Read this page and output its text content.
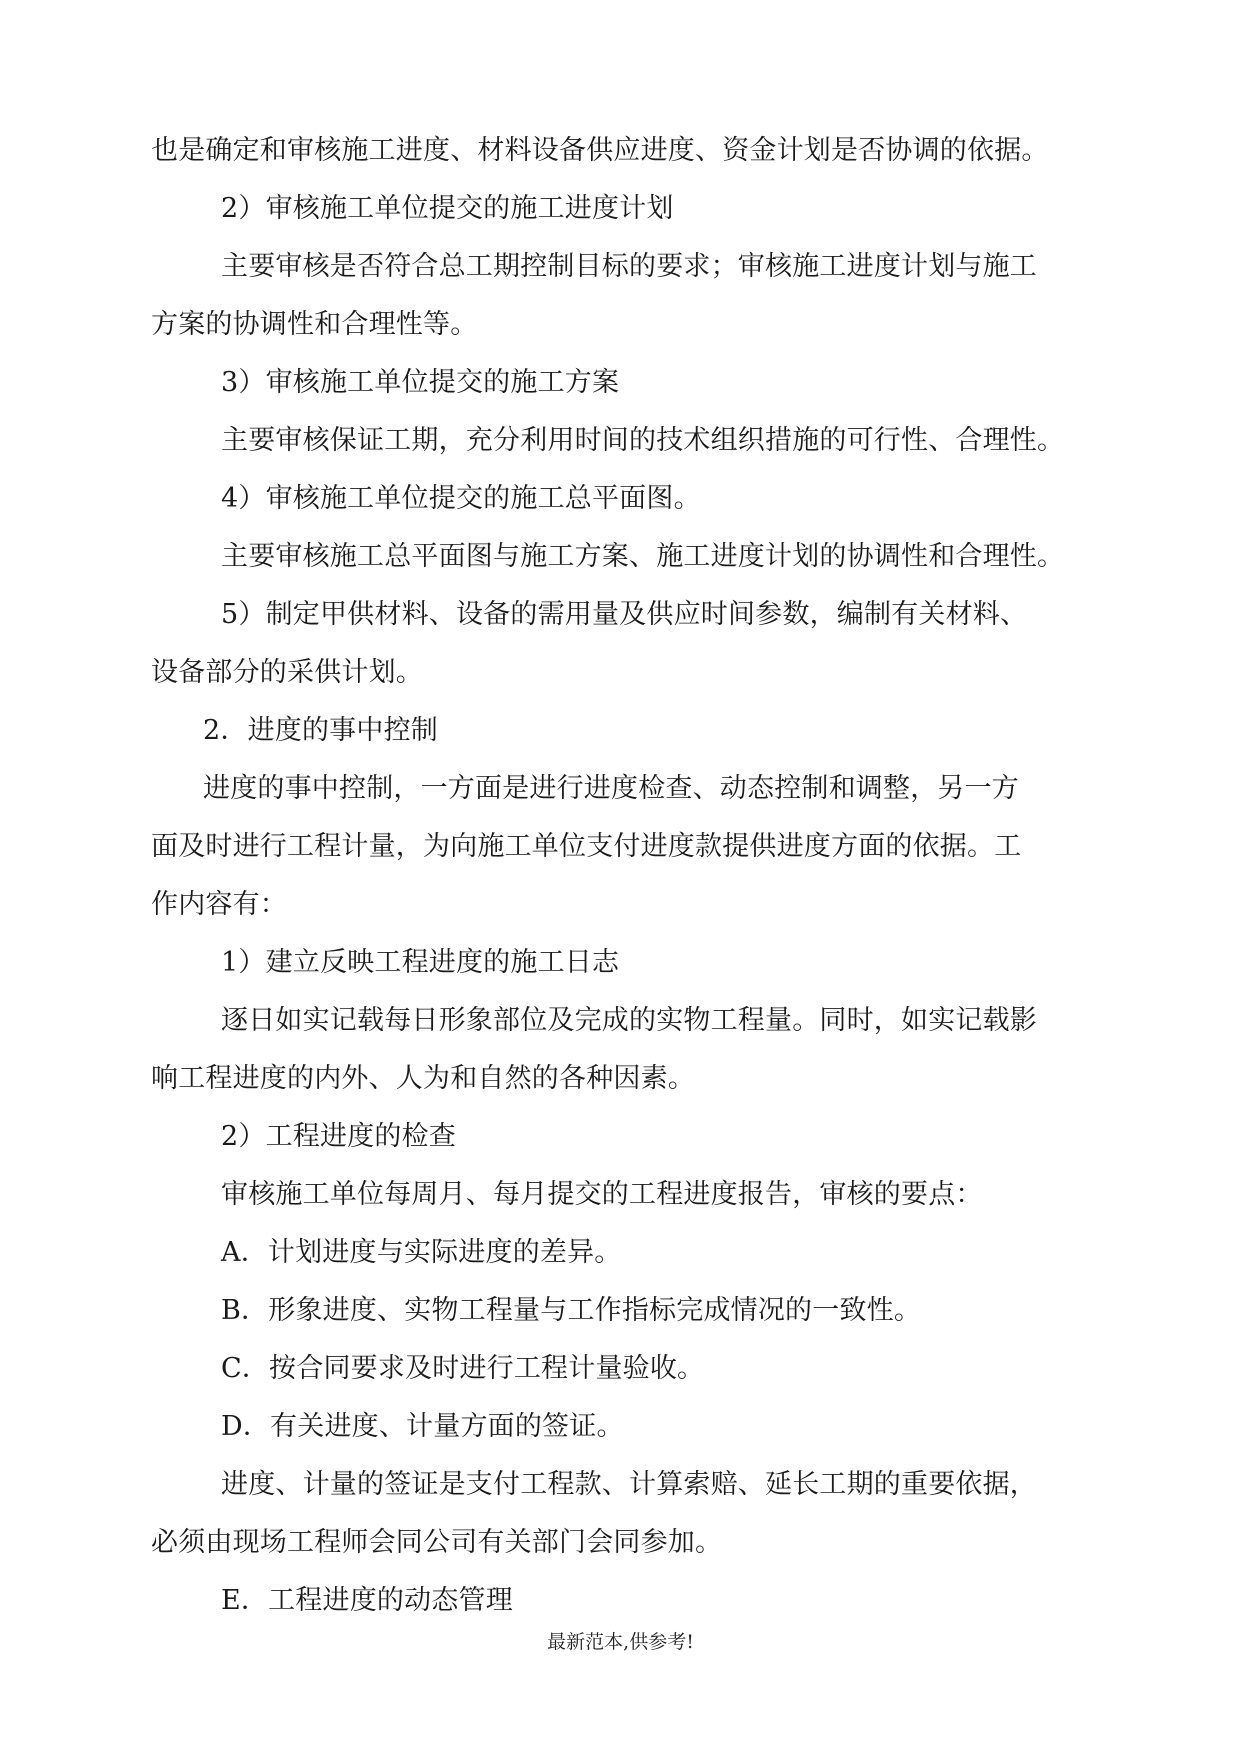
也是确定和审核施工进度、材料设备供应进度、资金计划是否协调的依据。
2）审核施工单位提交的施工进度计划
主要审核是否符合总工期控制目标的要求；审核施工进度计划与施工
方案的协调性和合理性等。
3）审核施工单位提交的施工方案
主要审核保证工期，充分利用时间的技术组织措施的可行性、合理性。
4）审核施工单位提交的施工总平面图。
主要审核施工总平面图与施工方案、施工进度计划的协调性和合理性。
5）制定甲供材料、设备的需用量及供应时间参数，编制有关材料、
设备部分的采供计划。
2．进度的事中控制
进度的事中控制，一方面是进行进度检查、动态控制和调整，另一方
面及时进行工程计量，为向施工单位支付进度款提供进度方面的依据。工
作内容有：
1）建立反映工程进度的施工日志
逐日如实记载每日形象部位及完成的实物工程量。同时，如实记载影
响工程进度的内外、人为和自然的各种因素。
2）工程进度的检查
审核施工单位每周月、每月提交的工程进度报告，审核的要点：
A．计划进度与实际进度的差异。
B．形象进度、实物工程量与工作指标完成情况的一致性。
C．按合同要求及时进行工程计量验收。
D．有关进度、计量方面的签证。
进度、计量的签证是支付工程款、计算索赔、延长工期的重要依据，
必须由现场工程师会同公司有关部门会同参加。
E．工程进度的动态管理
最新范本,供参考!
